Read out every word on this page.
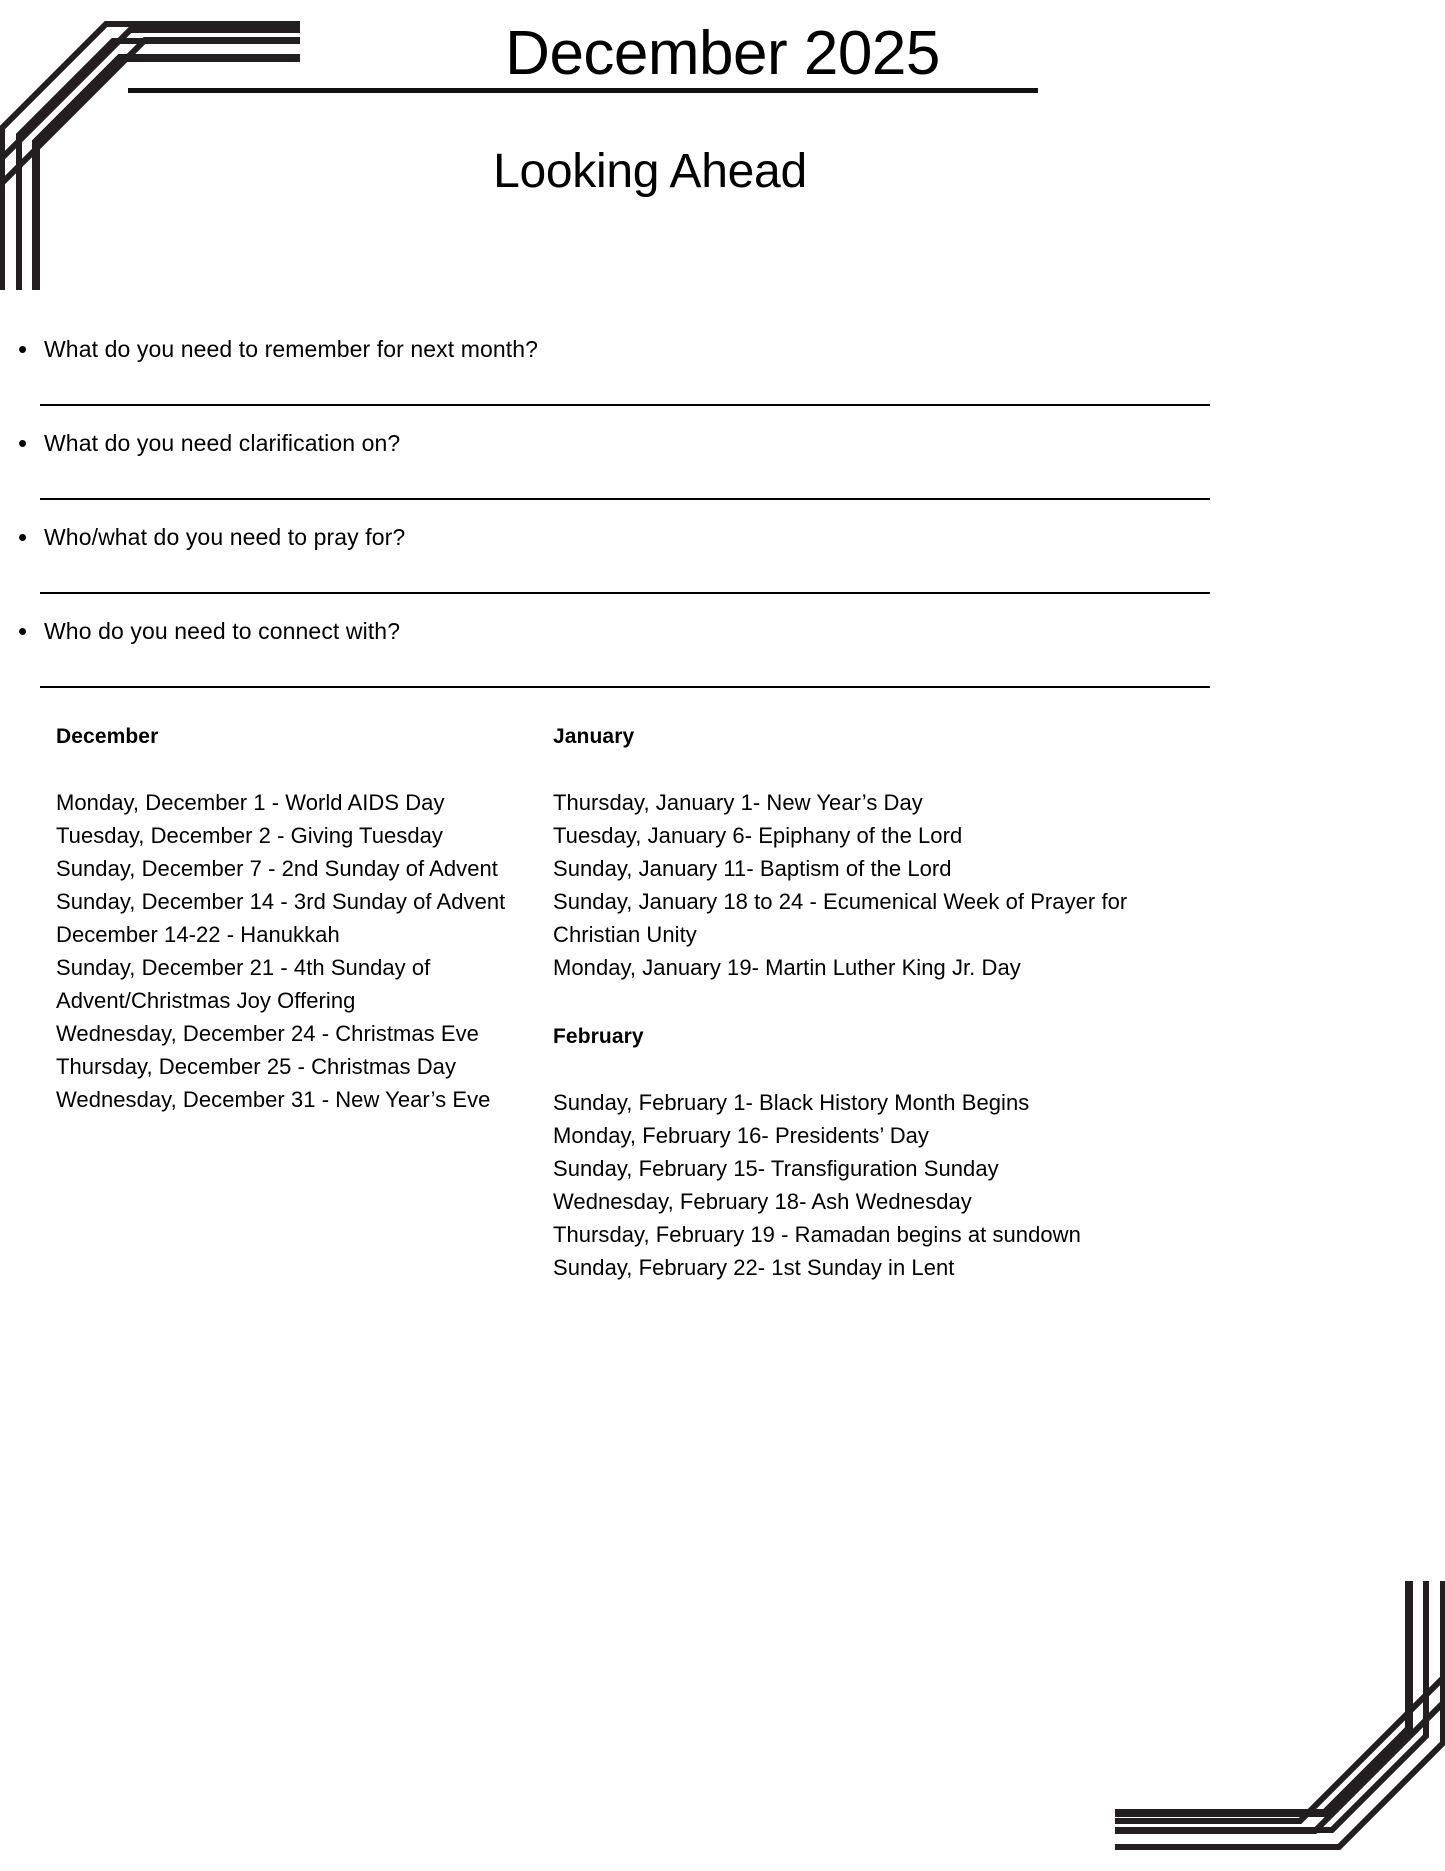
December 2025
Looking Ahead
• What do you need to remember for next month?
• What do you need clarification on?
• Who/what do you need to pray for?
• Who do you need to connect with?
December
Monday, December 1 - World AIDS Day
Tuesday, December 2 - Giving Tuesday
Sunday, December 7 - 2nd Sunday of Advent
Sunday, December 14 - 3rd Sunday of Advent
December 14-22 - Hanukkah
Sunday, December 21 - 4th Sunday of Advent/Christmas Joy Offering
Wednesday, December 24 - Christmas Eve
Thursday, December 25 - Christmas Day
Wednesday, December 31 - New Year’s Eve
January
Thursday, January 1- New Year’s Day
Tuesday, January 6- Epiphany of the Lord
Sunday, January 11- Baptism of the Lord
Sunday, January 18 to 24 - Ecumenical Week of Prayer for Christian Unity
Monday, January 19- Martin Luther King Jr. Day
February
Sunday, February 1- Black History Month Begins
Monday, February 16- Presidents’ Day
Sunday, February 15- Transfiguration Sunday
Wednesday, February 18- Ash Wednesday
Thursday, February 19 - Ramadan begins at sundown
Sunday, February 22- 1st Sunday in Lent
